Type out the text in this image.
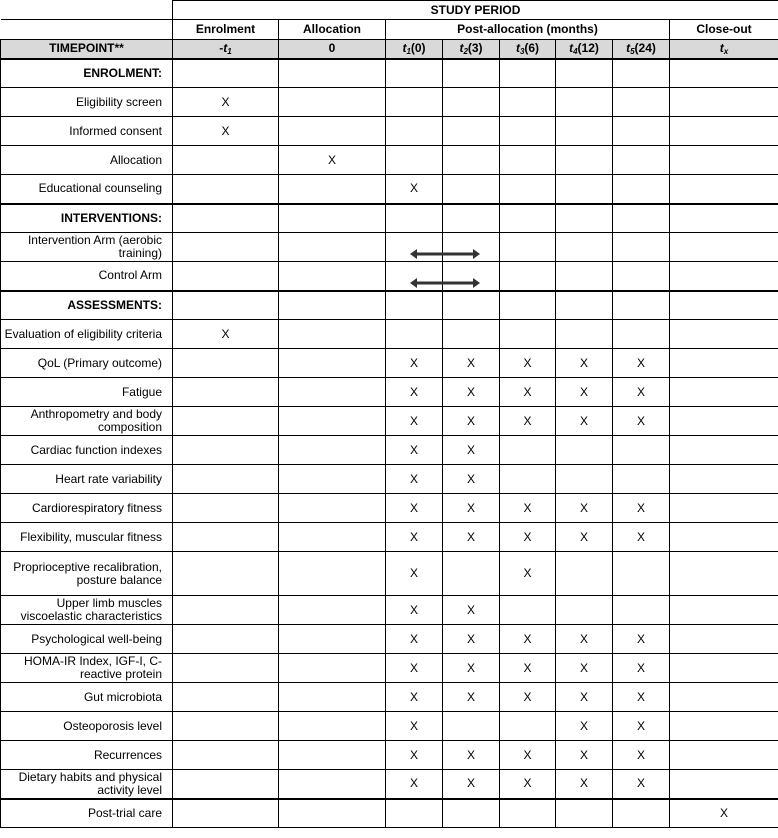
	STUDY PERIOD							
	Enrolment	Allocation	Post-allocation (months)					Close-out
TIMEPOINT**	$-t_1$	0	$t_1(0)$	$t_2(3)$	$t_3(6)$	$t_4(12)$	$t_5(24)$	$t_x$
ENROLMENT:								
Eligibility screen	X							
Informed consent	X							
Allocation		X						
Educational counseling			X					
INTERVENTIONS:								
Intervention Arm (aerobic training)								
Control Arm								
ASSESSMENTS:								
Evaluation of eligibility criteria	X							
QoL (Primary outcome)			X	X	X	X	X	
Fatigue			X	X	X	X	X	
Anthropometry and body composition			X	X	X	X	X	
Cardiac function indexes			X	X				
Heart rate variability			X	X				
Cardiorespiratory fitness			X	X	X	X	X	
Flexibility, muscular fitness			X	X	X	X	X	
Proprioceptive recalibration, posture balance			X		X			
Upper limb muscles viscoelastic characteristics			X	X				
Psychological well-being			X	X	X	X	X	
HOMA-IR Index, IGF-I, C-reactive protein			X	X	X	X	X	
Gut microbiota			X	X	X	X	X	
Osteoporosis level			X			X	X	
Recurrences			X	X	X	X	X	
Dietary habits and physical activity level			X	X	X	X	X	
Post-trial care								X
